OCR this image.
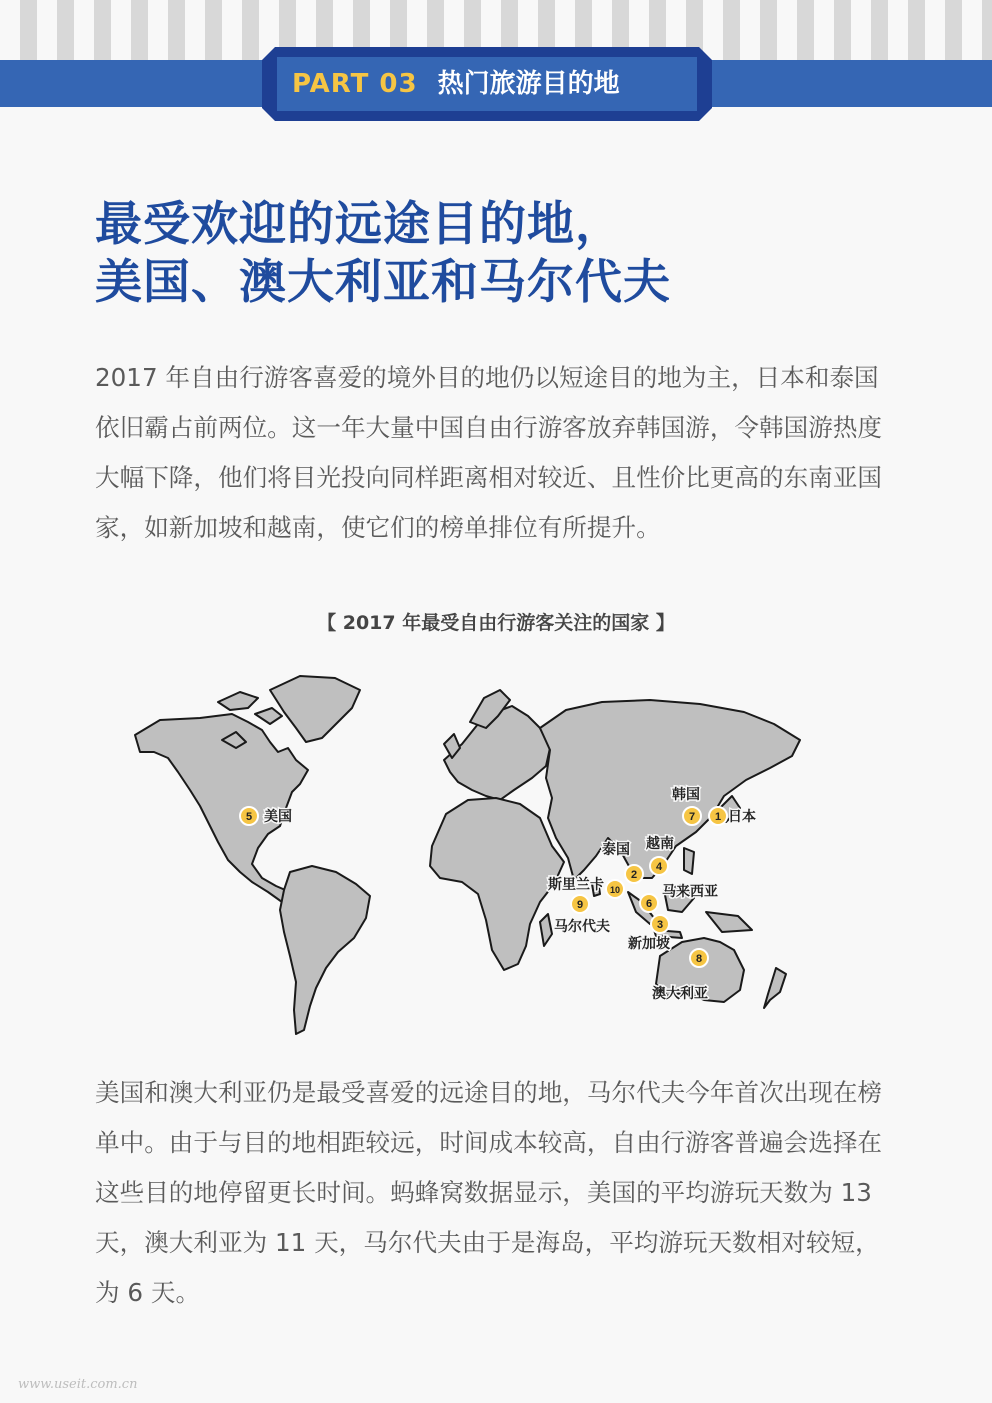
PART 03 热门旅游目的地
最受欢迎的远途目的地，
美国、澳大利亚和马尔代夫

2017 年自由行游客喜爱的境外目的地仍以短途目的地为主，日本和泰国依旧霸占前两位。这一年大量中国自由行游客放弃韩国游，令韩国游热度大幅下降，他们将目光投向同样距离相对较近、且性价比更高的东南亚国家，如新加坡和越南，使它们的榜单排位有所提升。

【 2017 年最受自由行游客关注的国家 】
1
2
3
4
5
6
7
8
9
10
日本
泰国
新加坡
越南
美国
马来西亚
韩国
澳大利亚
马尔代夫
斯里兰卡

美国和澳大利亚仍是最受喜爱的远途目的地，马尔代夫今年首次出现在榜单中。由于与目的地相距较远，时间成本较高，自由行游客普遍会选择在这些目的地停留更长时间。蚂蜂窝数据显示，美国的平均游玩天数为 13 天，澳大利亚为 11 天，马尔代夫由于是海岛，平均游玩天数相对较短，为 6 天。

www.useit.com.cn
